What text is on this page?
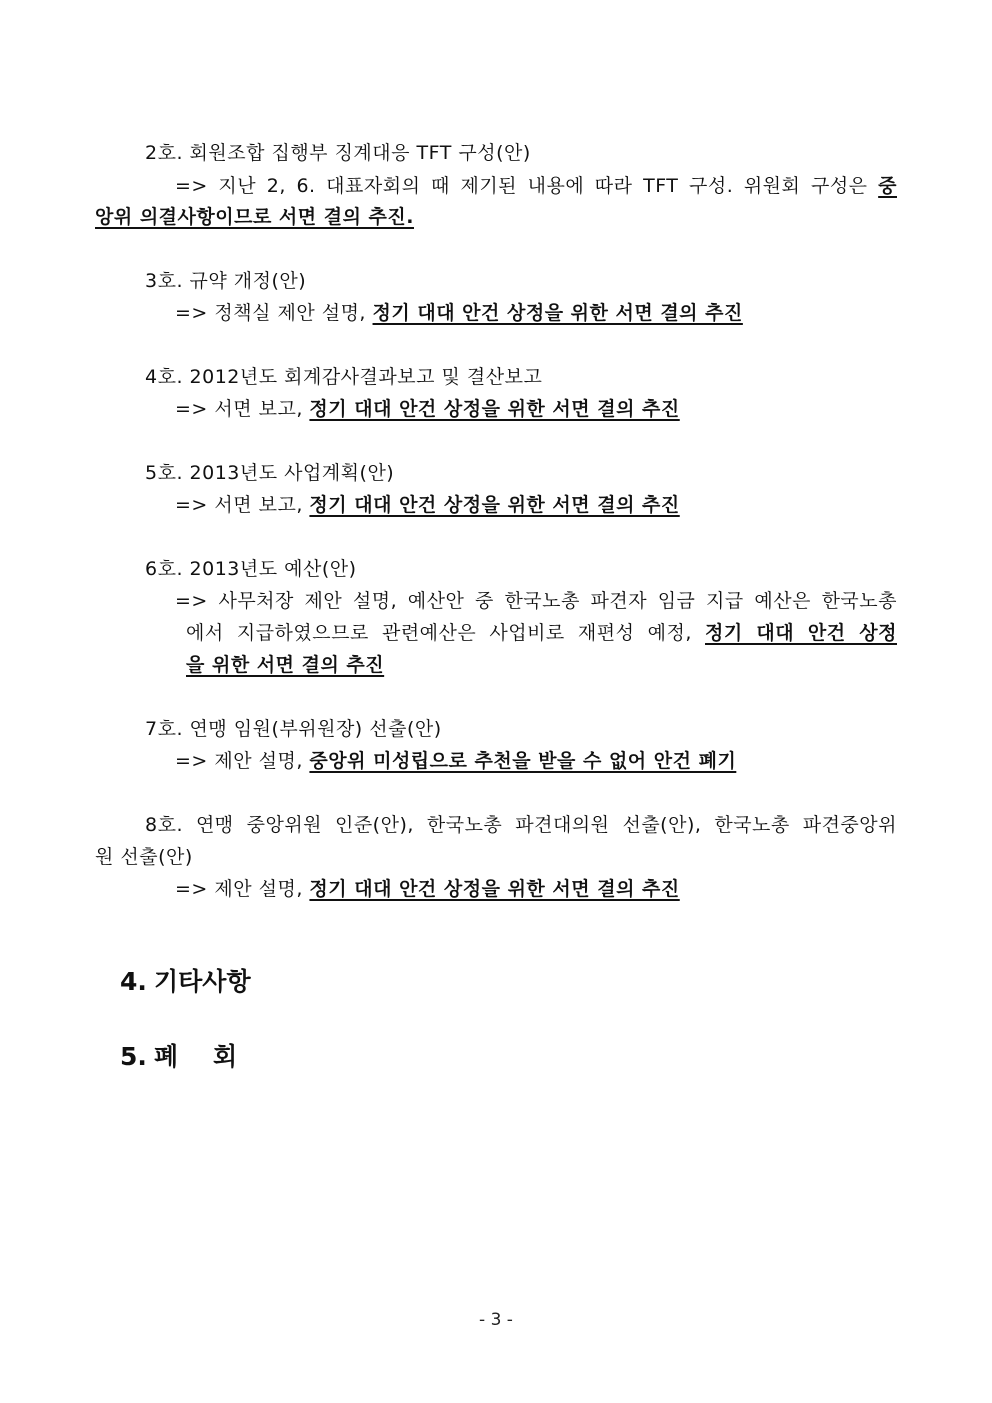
2호. 회원조합 집행부 징계대응 TFT 구성(안)
=> 지난 2, 6. 대표자회의 때 제기된 내용에 따라 TFT 구성. 위원회 구성은 중
앙위 의결사항이므로 서면 결의 추진.
3호. 규약 개정(안)
=> 정책실 제안 설명, 정기 대대 안건 상정을 위한 서면 결의 추진
4호. 2012년도 회계감사결과보고 및 결산보고
=> 서면 보고, 정기 대대 안건 상정을 위한 서면 결의 추진
5호. 2013년도 사업계획(안)
=> 서면 보고, 정기 대대 안건 상정을 위한 서면 결의 추진
6호. 2013년도 예산(안)
=> 사무처장 제안 설명, 예산안 중 한국노총 파견자 임금 지급 예산은 한국노총
에서 지급하였으므로 관련예산은 사업비로 재편성 예정, 정기 대대 안건 상정
을 위한 서면 결의 추진
7호. 연맹 임원(부위원장) 선출(안)
=> 제안 설명, 중앙위 미성립으로 추천을 받을 수 없어 안건 폐기
8호. 연맹 중앙위원 인준(안), 한국노총 파견대의원 선출(안), 한국노총 파견중앙위
원 선출(안)
=> 제안 설명, 정기 대대 안건 상정을 위한 서면 결의 추진
4. 기타사항
5. 폐    회
- 3 -
